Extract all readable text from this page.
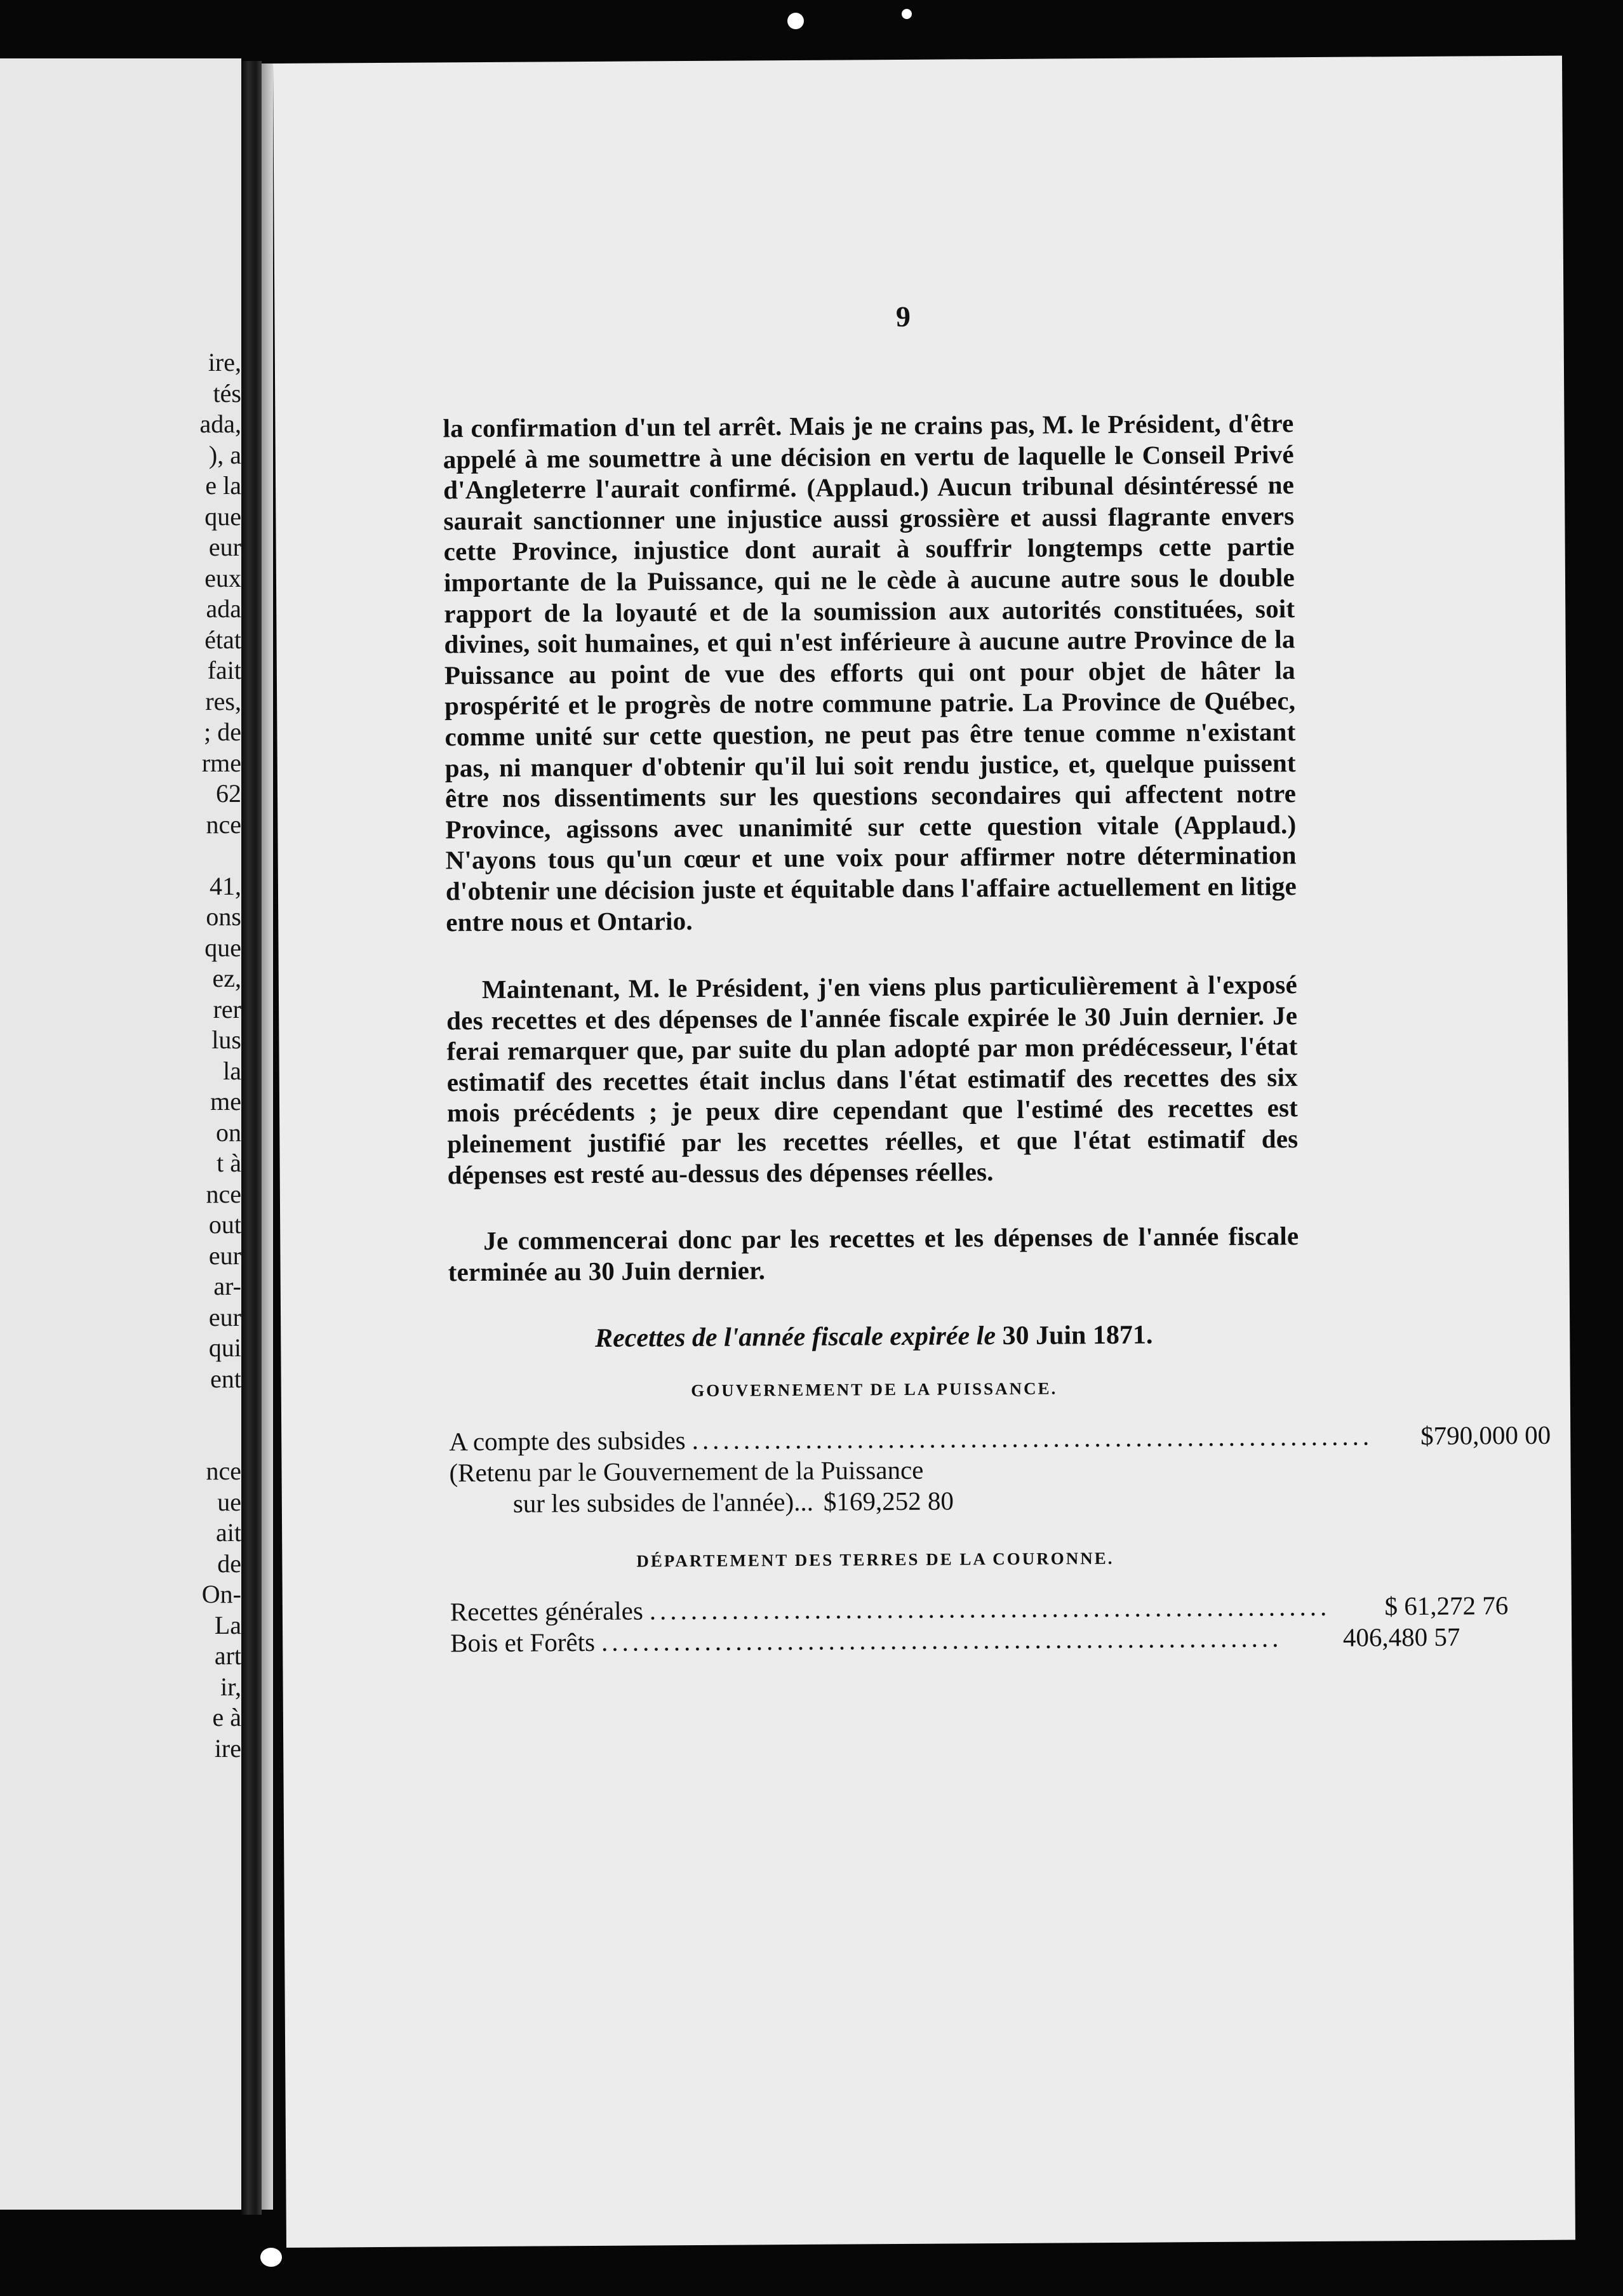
ire,
tés
ada,
), a
e la
que
eur
eux
ada
état
fait
res,
; de
rme
62
nce
41,
ons
que
ez,
rer
lus
la
me
on
t à
nce
out
eur
ar-
eur
qui
ent
nce
ue
ait
de
On-
La
art
ir,
e à
ire
9

la confirmation d'un tel arrêt. Mais je ne crains pas, M. le Président, d'être appelé à me soumettre à une décision en vertu de laquelle le Conseil Privé d'Angleterre l'aurait confirmé. (Applaud.) Aucun tribunal désintéressé ne saurait sanctionner une injustice aussi grossière et aussi flagrante envers cette Province, injustice dont aurait à souffrir longtemps cette partie importante de la Puissance, qui ne le cède à aucune autre sous le double rapport de la loyauté et de la soumission aux autorités constituées, soit divines, soit humaines, et qui n'est inférieure à aucune autre Province de la Puissance au point de vue des efforts qui ont pour objet de hâter la prospérité et le progrès de notre commune patrie. La Province de Québec, comme unité sur cette question, ne peut pas être tenue comme n'existant pas, ni manquer d'obtenir qu'il lui soit rendu justice, et, quelque puissent être nos dissentiments sur les questions secondaires qui affectent notre Province, agissons avec unanimité sur cette question vitale (Applaud.) N'ayons tous qu'un cœur et une voix pour affirmer notre détermination d'obtenir une décision juste et équitable dans l'affaire actuellement en litige entre nous et Ontario.

Maintenant, M. le Président, j'en viens plus particulièrement à l'exposé des recettes et des dépenses de l'année fiscale expirée le 30 Juin dernier. Je ferai remarquer que, par suite du plan adopté par mon prédécesseur, l'état estimatif des recettes était inclus dans l'état estimatif des recettes des six mois précédents ; je peux dire cependant que l'estimé des recettes est pleinement justifié par les recettes réelles, et que l'état estimatif des dépenses est resté au-dessus des dépenses réelles.

Je commencerai donc par les recettes et les dépenses de l'année fiscale terminée au 30 Juin dernier.

Recettes de l'année fiscale expirée le 30 Juin 1871.
GOUVERNEMENT DE LA PUISSANCE.
A compte des subsides ..................................................................	$790,000 00
(Retenu par le Gouvernement de la Puissance
sur les subsides de l'année)... $169,252 80
DÉPARTEMENT DES TERRES DE LA COURONNE.
Recettes générales ..................................................................	$ 61,272 76
Bois et Forêts ..................................................................	406,480 57
